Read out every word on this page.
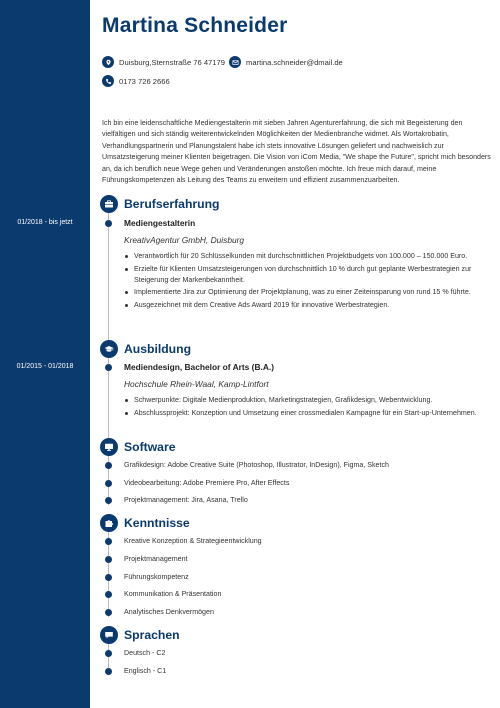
01/2018 - bis jetzt
01/2015 - 01/2018
Martina Schneider
Duisburg,Sternstraße 76 47179	martina.schneider@dmail.de
0173 726 2666
Ich bin eine leidenschaftliche Mediengestalterin mit sieben Jahren Agenturerfahrung, die sich mit Begeisterung den vielfältigen und sich ständig weiterentwickelnden Möglichkeiten der Medienbranche widmet. Als Wortakrobatin, Verhandlungspartnerin und Planungstalent habe ich stets innovative Lösungen geliefert und nachweislich zur Umsatzsteigerung meiner Klienten beigetragen. Die Vision von iCom Media, "We shape the Future", spricht mich besonders an, da ich beruflich neue Wege gehen und Veränderungen anstoßen möchte. Ich freue mich darauf, meine Führungskompetenzen als Leitung des Teams zu erweitern und effizient zusammenzuarbeiten.
Berufserfahrung
Mediengestalterin
KreativAgentur GmbH, Duisburg
Verantwortlich für 20 Schlüsselkunden mit durchschnittlichen Projektbudgets von 100.000 – 150.000 Euro.
Erzielte für Klienten Umsatzsteigerungen von durchschnittlich 10 % durch gut geplante Werbestrategien zur Steigerung der Markenbekanntheit.
Implementierte Jira zur Optimierung der Projektplanung, was zu einer Zeiteinsparung von rund 15 % führte.
Ausgezeichnet mit dem Creative Ads Award 2019 für innovative Werbestrategien.
Ausbildung
Mediendesign, Bachelor of Arts (B.A.)
Hochschule Rhein-Waal, Kamp-Lintfort
Schwerpunkte: Digitale Medienproduktion, Marketingstrategien, Grafikdesign, Webentwicklung.
Abschlussprojekt: Konzeption und Umsetzung einer crossmedialen Kampagne für ein Start-up-Unternehmen.
Software
Grafikdesign: Adobe Creative Suite (Photoshop, Illustrator, InDesign), Figma, Sketch
Videobearbeitung: Adobe Premiere Pro, After Effects
Projektmanagement: Jira, Asana, Trello
Kenntnisse
Kreative Konzeption & Strategieentwicklung
Projektmanagement
Führungskompetenz
Kommunikation & Präsentation
Analytisches Denkvermögen
Sprachen
Deutsch - C2
Englisch - C1
